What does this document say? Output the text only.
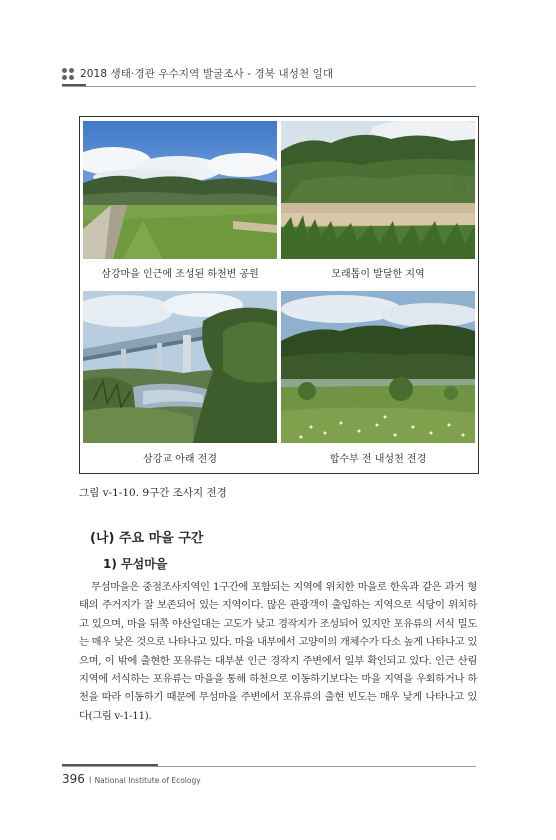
2018 생태·경관 우수지역 발굴조사 - 경북 내성천 일대
삼강마을 인근에 조성된 하천변 공원	모래톱이 발달한 지역
삼강교 아래 전경	합수부 전 내성천 전경
그림 v-1-10. 9구간 조사지 전경
(나) 주요 마을 구간
1) 무섬마을
무섬마을은 중점조사지역인 1구간에 포함되는 지역에 위치한 마을로 한옥과 같은 과거 형태의 주거지가 잘 보존되어 있는 지역이다. 많은 관광객이 출입하는 지역으로 식당이 위치하고 있으며, 마을 뒤쪽 야산일대는 고도가 낮고 경작지가 조성되어 있지만 포유류의 서식 밀도는 매우 낮은 것으로 나타나고 있다. 마을 내부에서 고양이의 개체수가 다소 높게 나타나고 있으며, 이 밖에 출현한 포유류는 대부분 인근 경작지 주변에서 일부 확인되고 있다. 인근 산림지역에 서식하는 포유류는 마을을 통해 하천으로 이동하기보다는 마을 지역을 우회하거나 하천을 따라 이동하기 때문에 무섬마을 주변에서 포유류의 출현 빈도는 매우 낮게 나타나고 있다(그림 v-1-11).
396 I National Institute of Ecology
